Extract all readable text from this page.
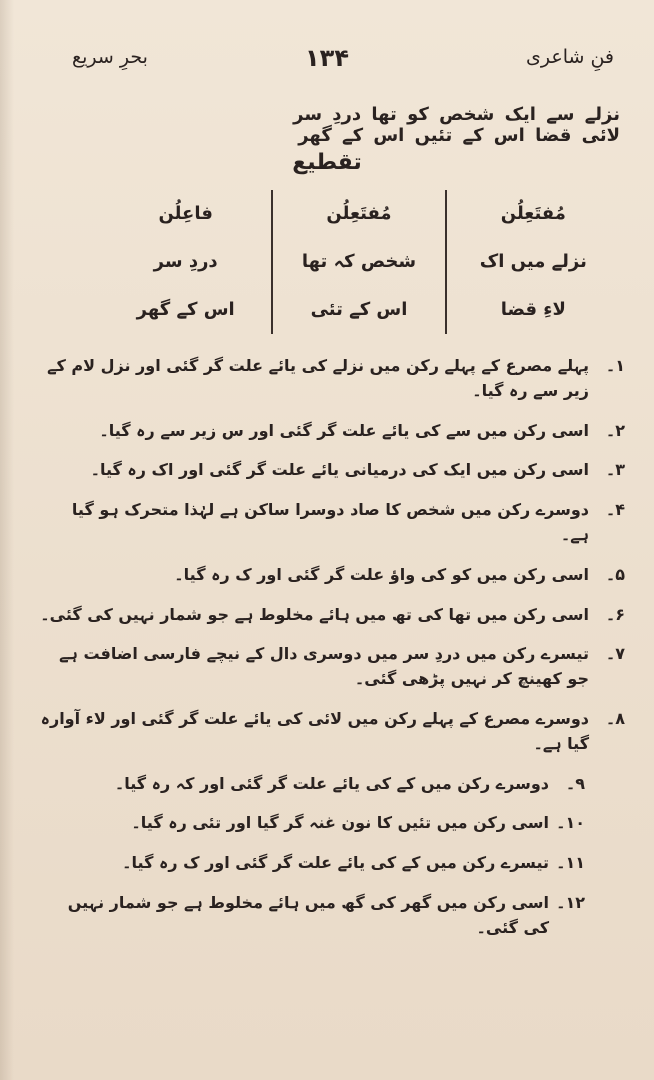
بحرِ سریع	۱۳۴	فنِ شاعری
نزلے سے ایک شخص کو تھا دردِ سر لائی قضا اس کے تئیں اس کے گھر
تقطیع
مُفتَعِلُن
نزلے میں اک
لاءِ قضا
مُفتَعِلُن
شخص کہ تھا
اس کے تئی
فاعِلُن
دردِ سر
اس کے گھر
۱۔
پہلے مصرع کے پہلے رکن میں نزلے کی یائے علت گر گئی اور نزل لام کے زیر سے رہ گیا۔
۲۔
اسی رکن میں سے کی یائے علت گر گئی اور س زیر سے رہ گیا۔
۳۔
اسی رکن میں ایک کی درمیانی یائے علت گر گئی اور اک رہ گیا۔
۴۔
دوسرے رکن میں شخص کا صاد دوسرا ساکن ہے لہٰذا متحرک ہو گیا ہے۔
۵۔
اسی رکن میں کو کی واؤ علت گر گئی اور ک رہ گیا۔
۶۔
اسی رکن میں تھا کی تھ میں ہائے مخلوط ہے جو شمار نہیں کی گئی۔
۷۔
تیسرے رکن میں دردِ سر میں دوسری دال کے نیچے فارسی اضافت ہے جو کھینچ کر نہیں پڑھی گئی۔
۸۔
دوسرے مصرع کے پہلے رکن میں لائی کی یائے علت گر گئی اور لاء آوارہ گیا ہے۔
۹۔
دوسرے رکن میں کے کی یائے علت گر گئی اور کہ رہ گیا۔
۱۰۔
اسی رکن میں تئیں کا نون غنہ گر گیا اور تئی رہ گیا۔
۱۱۔
تیسرے رکن میں کے کی یائے علت گر گئی اور ک رہ گیا۔
۱۲۔
اسی رکن میں گھر کی گھ میں ہائے مخلوط ہے جو شمار نہیں کی گئی۔
